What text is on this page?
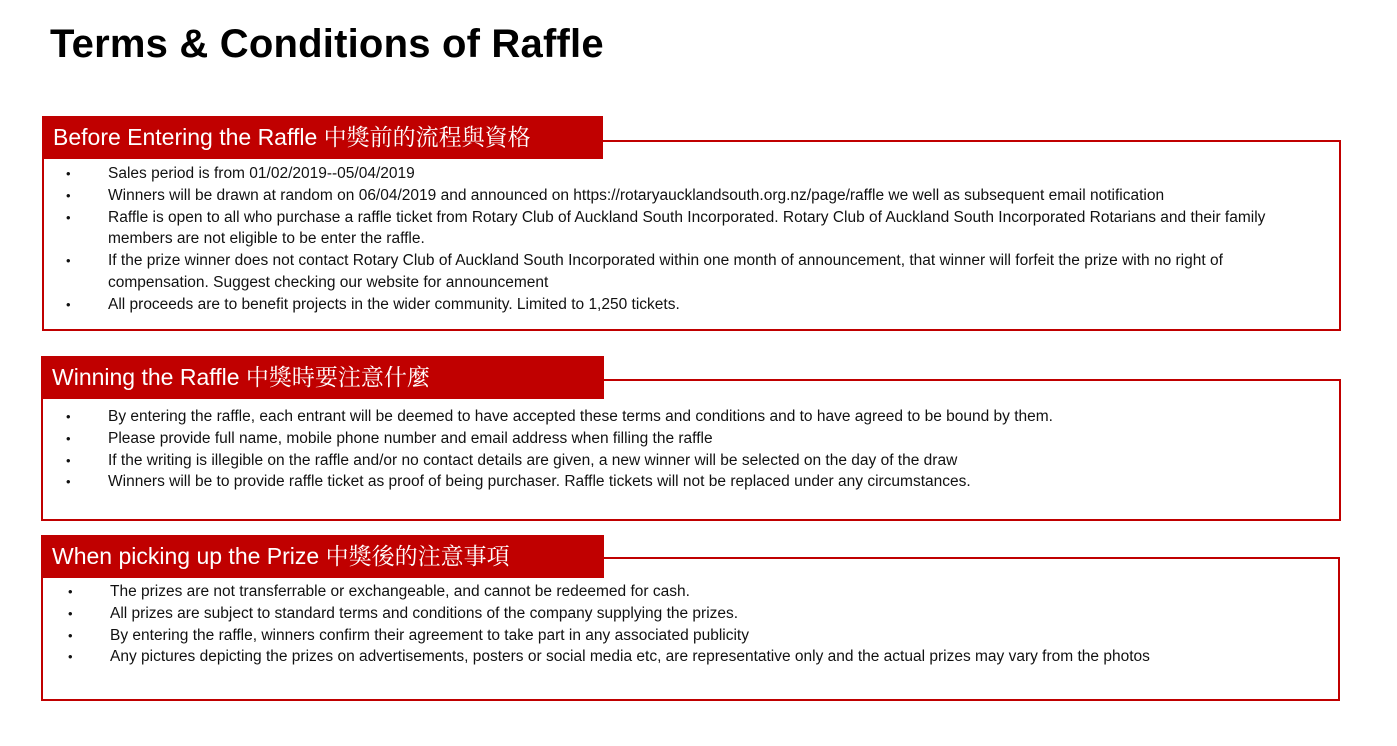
Terms & Conditions of Raffle
Before Entering the Raffle 中獎前的流程與資格
• Sales period is from 01/02/2019--05/04/2019
• Winners will be drawn at random on 06/04/2019 and announced on https://rotaryaucklandsouth.org.nz/page/raffle we well as subsequent email notification
• Raffle is open to all who purchase a raffle ticket from Rotary Club of Auckland South Incorporated. Rotary Club of Auckland South Incorporated Rotarians and their family members are not eligible to be enter the raffle.
• If the prize winner does not contact Rotary Club of Auckland South Incorporated within one month of announcement, that winner will forfeit the prize with no right of compensation. Suggest checking our website for announcement
• All proceeds are to benefit projects in the wider community. Limited to 1,250 tickets.
Winning the Raffle 中獎時要注意什麼
• By entering the raffle, each entrant will be deemed to have accepted these terms and conditions and to have agreed to be bound by them.
• Please provide full name, mobile phone number and email address when filling the raffle
• If the writing is illegible on the raffle and/or no contact details are given, a new winner will be selected on the day of the draw
• Winners will be to provide raffle ticket as proof of being purchaser. Raffle tickets will not be replaced under any circumstances.
When picking up the Prize 中獎後的注意事項
• The prizes are not transferrable or exchangeable, and cannot be redeemed for cash.
• All prizes are subject to standard terms and conditions of the company supplying the prizes.
• By entering the raffle, winners confirm their agreement to take part in any associated publicity
• Any pictures depicting the prizes on advertisements, posters or social media etc, are representative only and the actual prizes may vary from the photos
